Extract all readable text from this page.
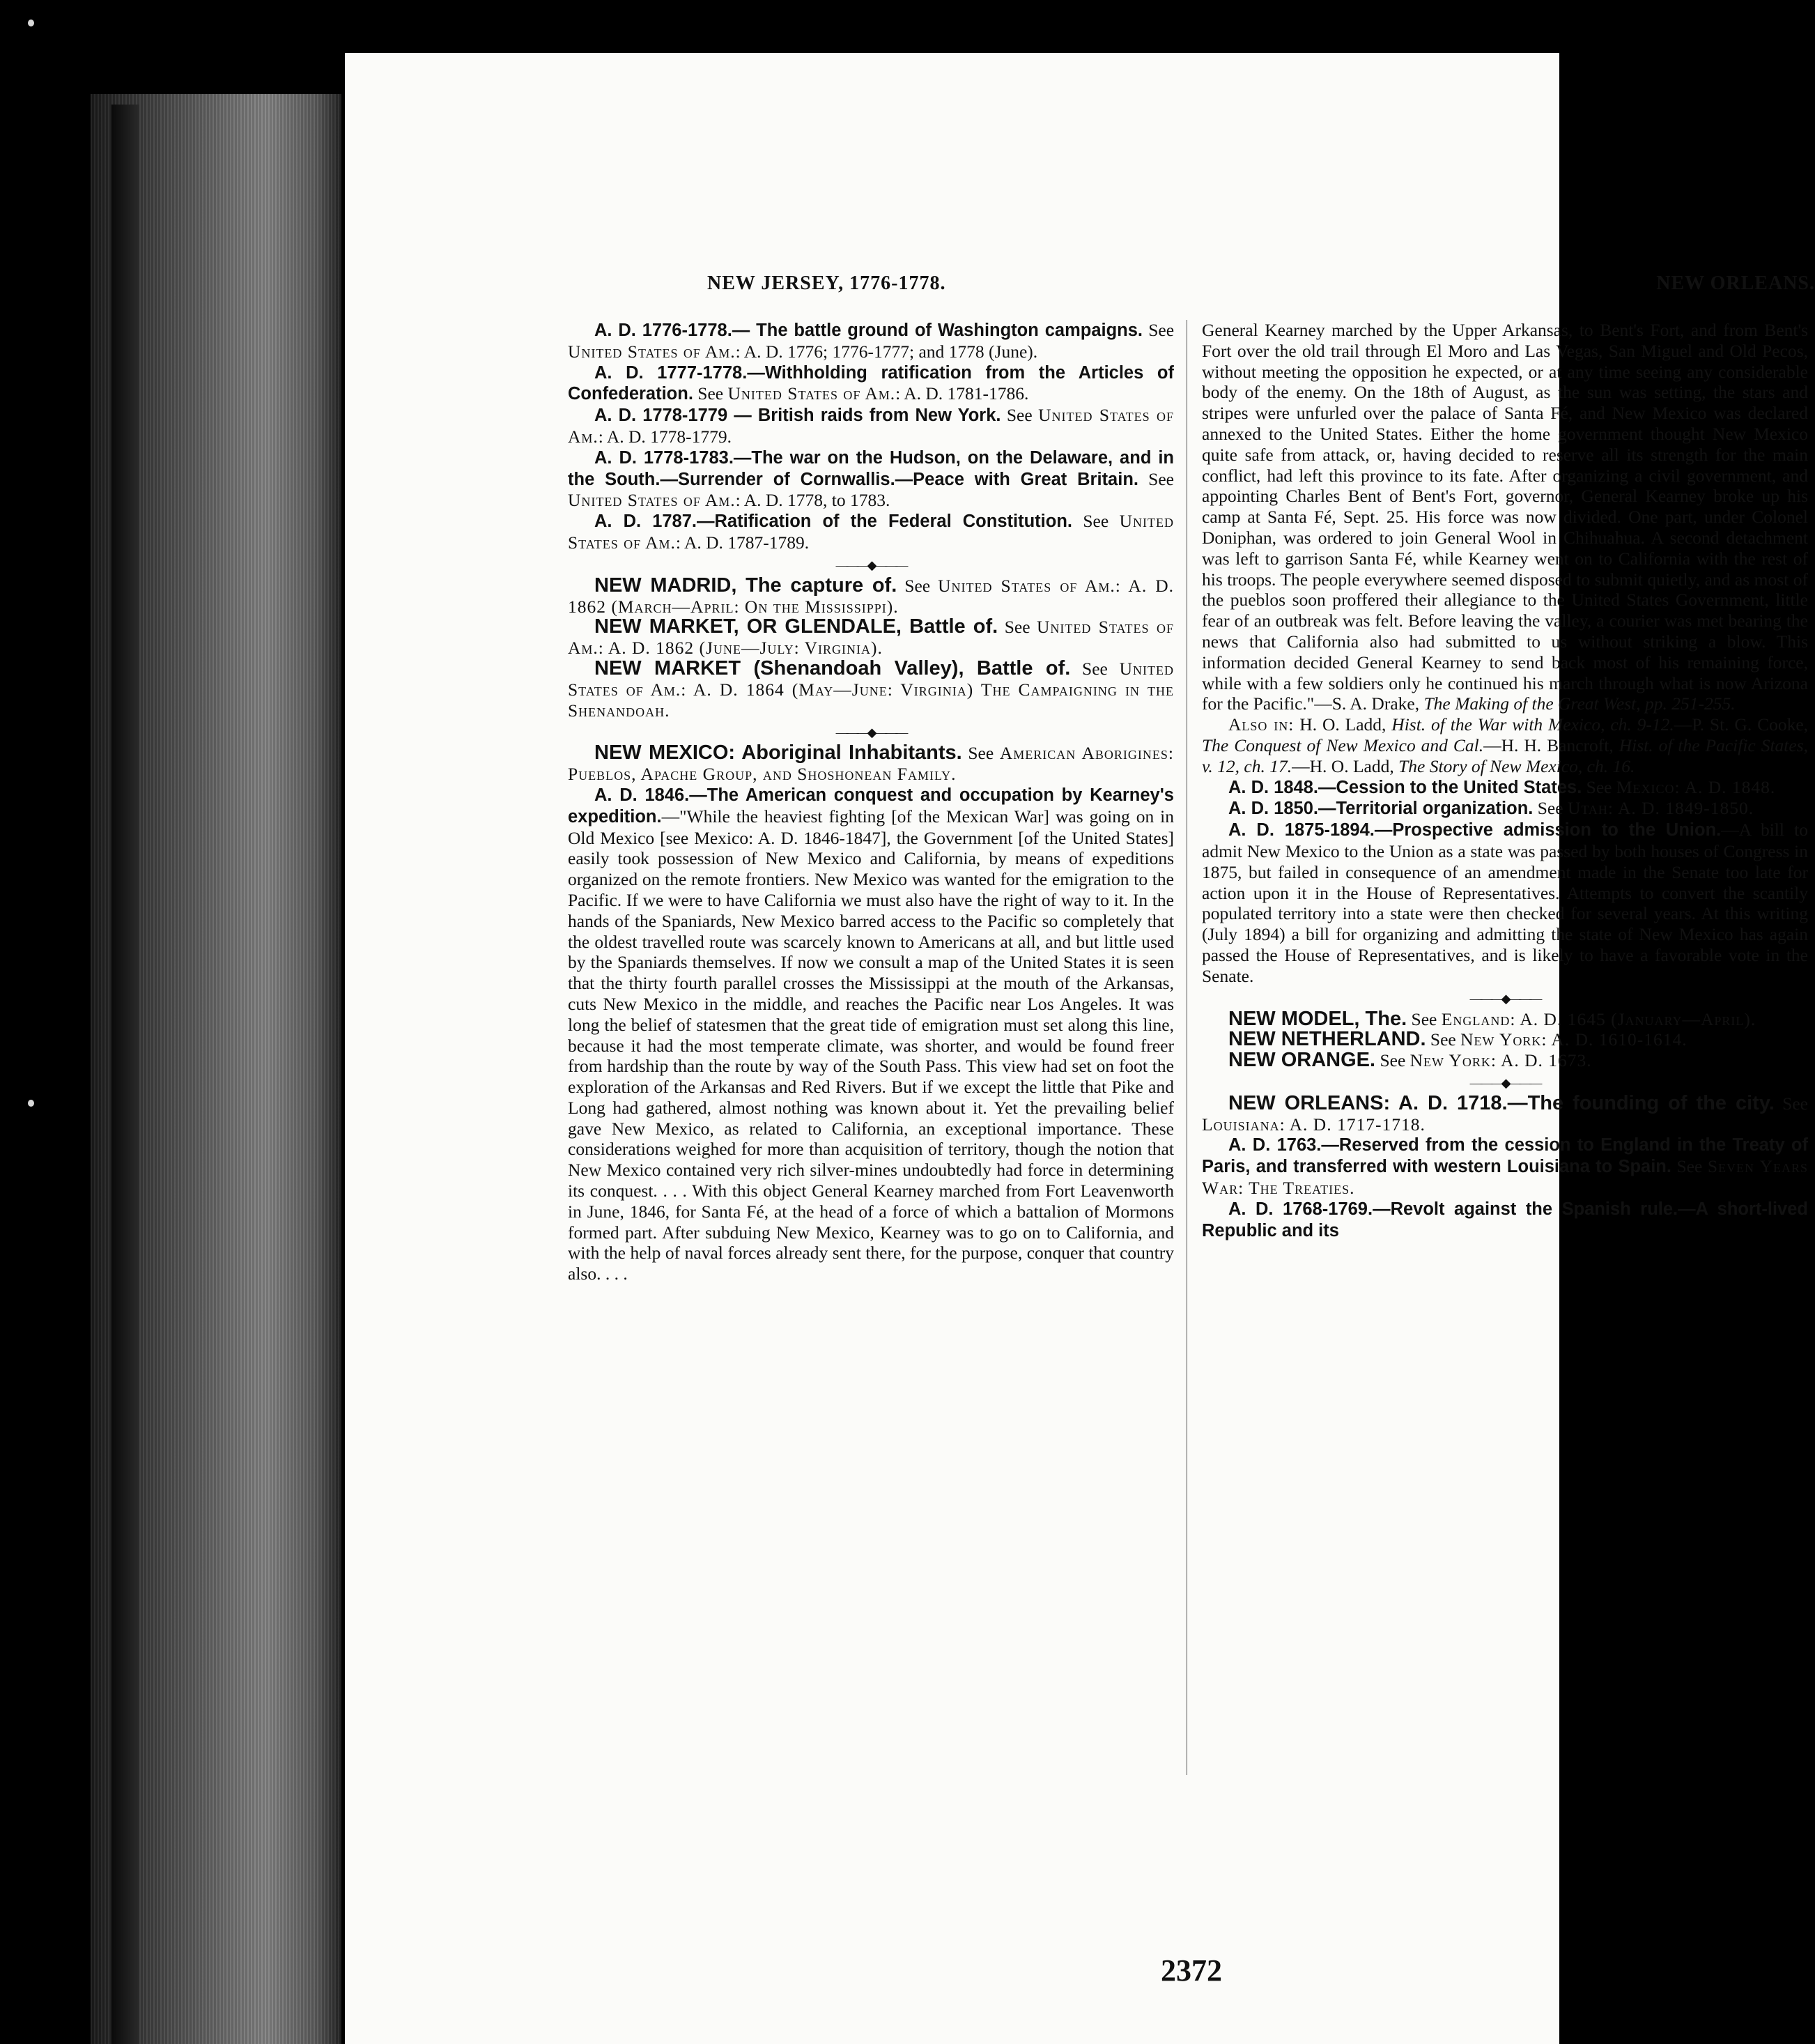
NEW JERSEY, 1776-1778.	NEW ORLEANS.

A. D. 1776-1778.— The battle ground of Washington campaigns. See United States of Am.: A. D. 1776; 1776-1777; and 1778 (June).

A. D. 1777-1778.—Withholding ratification from the Articles of Confederation. See United States of Am.: A. D. 1781-1786.

A. D. 1778-1779 — British raids from New York. See United States of Am.: A. D. 1778-1779.

A. D. 1778-1783.—The war on the Hudson, on the Delaware, and in the South.—Surrender of Cornwallis.—Peace with Great Britain. See United States of Am.: A. D. 1778, to 1783.

A. D. 1787.—Ratification of the Federal Constitution. See United States of Am.: A. D. 1787-1789.

———◆———

NEW MADRID, The capture of. See United States of Am.: A. D. 1862 (March—April: On the Mississippi).

NEW MARKET, OR GLENDALE, Battle of. See United States of Am.: A. D. 1862 (June—July: Virginia).

NEW MARKET (Shenandoah Valley), Battle of. See United States of Am.: A. D. 1864 (May—June: Virginia) The Campaigning in the Shenandoah.

———◆———

NEW MEXICO: Aboriginal Inhabitants. See American Aborigines: Pueblos, Apache Group, and Shoshonean Family.

A. D. 1846.—The American conquest and occupation by Kearney's expedition.—"While the heaviest fighting [of the Mexican War] was going on in Old Mexico [see Mexico: A. D. 1846-1847], the Government [of the United States] easily took possession of New Mexico and California, by means of expeditions organized on the remote frontiers. New Mexico was wanted for the emigration to the Pacific. If we were to have California we must also have the right of way to it. In the hands of the Spaniards, New Mexico barred access to the Pacific so completely that the oldest travelled route was scarcely known to Americans at all, and but little used by the Spaniards themselves. If now we consult a map of the United States it is seen that the thirty fourth parallel crosses the Mississippi at the mouth of the Arkansas, cuts New Mexico in the middle, and reaches the Pacific near Los Angeles. It was long the belief of statesmen that the great tide of emigration must set along this line, because it had the most temperate climate, was shorter, and would be found freer from hardship than the route by way of the South Pass. This view had set on foot the exploration of the Arkansas and Red Rivers. But if we except the little that Pike and Long had gathered, almost nothing was known about it. Yet the prevailing belief gave New Mexico, as related to California, an exceptional importance. These considerations weighed for more than acquisition of territory, though the notion that New Mexico contained very rich silver-mines undoubtedly had force in determining its conquest. . . . With this object General Kearney marched from Fort Leavenworth in June, 1846, for Santa Fé, at the head of a force of which a battalion of Mormons formed part. After subduing New Mexico, Kearney was to go on to California, and with the help of naval forces already sent there, for the purpose, conquer that country also. . . .

General Kearney marched by the Upper Arkansas, to Bent's Fort, and from Bent's Fort over the old trail through El Moro and Las Vegas, San Miguel and Old Pecos, without meeting the opposition he expected, or at any time seeing any considerable body of the enemy. On the 18th of August, as the sun was setting, the stars and stripes were unfurled over the palace of Santa Fé, and New Mexico was declared annexed to the United States. Either the home government thought New Mexico quite safe from attack, or, having decided to reserve all its strength for the main conflict, had left this province to its fate. After organizing a civil government, and appointing Charles Bent of Bent's Fort, governor, General Kearney broke up his camp at Santa Fé, Sept. 25. His force was now divided. One part, under Colonel Doniphan, was ordered to join General Wool in Chihuahua. A second detachment was left to garrison Santa Fé, while Kearney went on to California with the rest of his troops. The people everywhere seemed disposed to submit quietly, and as most of the pueblos soon proffered their allegiance to the United States Government, little fear of an outbreak was felt. Before leaving the valley, a courier was met bearing the news that California also had submitted to us without striking a blow. This information decided General Kearney to send back most of his remaining force, while with a few soldiers only he continued his march through what is now Arizona for the Pacific."—S. A. Drake, The Making of the Great West, pp. 251-255.

Also in: H. O. Ladd, Hist. of the War with Mexico, ch. 9-12.—P. St. G. Cooke, The Conquest of New Mexico and Cal.—H. H. Bancroft, Hist. of the Pacific States, v. 12, ch. 17.—H. O. Ladd, The Story of New Mexico, ch. 16.

A. D. 1848.—Cession to the United States. See Mexico: A. D. 1848.

A. D. 1850.—Territorial organization. See Utah: A. D. 1849-1850.

A. D. 1875-1894.—Prospective admission to the Union.—A bill to admit New Mexico to the Union as a state was passed by both houses of Congress in 1875, but failed in consequence of an amendment made in the Senate too late for action upon it in the House of Representatives. Attempts to convert the scantily populated territory into a state were then checked for several years. At this writing (July 1894) a bill for organizing and admitting the state of New Mexico has again passed the House of Representatives, and is likely to have a favorable vote in the Senate.

———◆———

NEW MODEL, The. See England: A. D. 1645 (January—April).

NEW NETHERLAND. See New York: A. D. 1610-1614.

NEW ORANGE. See New York: A. D. 1673.

———◆———

NEW ORLEANS: A. D. 1718.—The founding of the city. See Louisiana: A. D. 1717-1718.

A. D. 1763.—Reserved from the cession to England in the Treaty of Paris, and transferred with western Louisiana to Spain. See Seven Years War: The Treaties.

A. D. 1768-1769.—Revolt against the Spanish rule.—A short-lived Republic and its

2372
